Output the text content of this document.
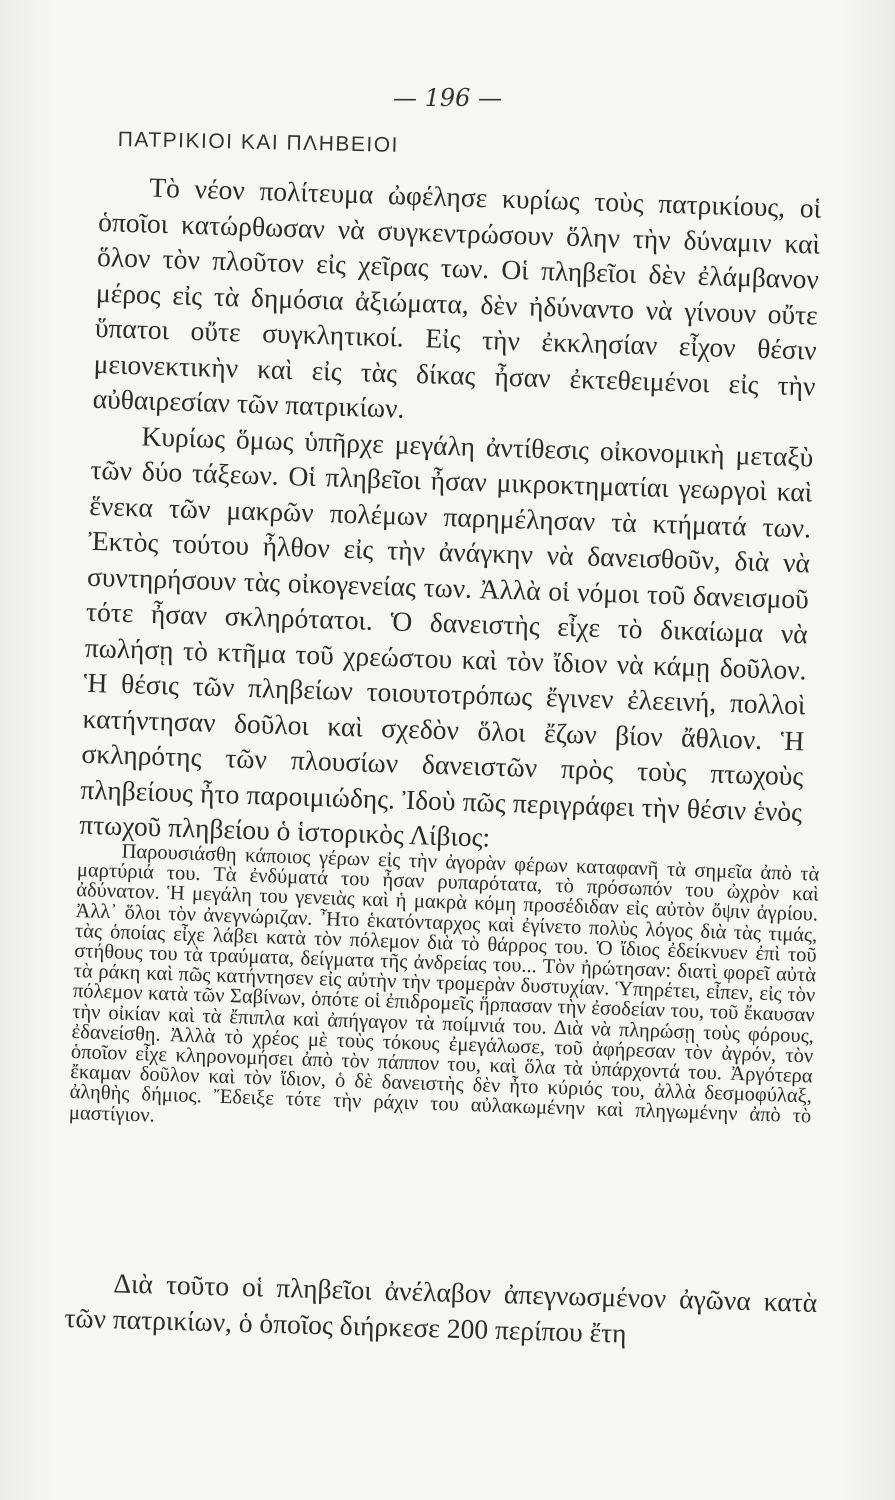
— 196 —
ΠΑΤΡΙΚΙΟΙ ΚΑΙ ΠΛΗΒΕΙΟΙ

Τὸ νέον πολίτευμα ὠφέλησε κυρίως τοὺς πατρικίους, οἱ ὁποῖοι κατώρθωσαν νὰ συγκεντρώσουν ὅλην τὴν δύναμιν καὶ ὅλον τὸν πλοῦτον εἰς χεῖρας των. Οἱ πληβεῖοι δὲν ἐλάμβανον μέρος εἰς τὰ δημόσια ἀξιώματα, δὲν ἠδύναντο νὰ γίνουν οὔτε ὕπατοι οὔτε συγκλητικοί. Εἰς τὴν ἐκκλησίαν εἶχον θέσιν μειονεκτικὴν καὶ εἰς τὰς δίκας ἦσαν ἐκτεθειμένοι εἰς τὴν αὐθαιρεσίαν τῶν πατρικίων.

Κυρίως ὅμως ὑπῆρχε μεγάλη ἀντίθεσις οἰκονομικὴ μεταξὺ τῶν δύο τάξεων. Οἱ πληβεῖοι ἦσαν μικροκτηματίαι γεωργοὶ καὶ ἕνεκα τῶν μακρῶν πολέμων παρημέλησαν τὰ κτήματά των. Ἐκτὸς τούτου ἦλθον εἰς τὴν ἀνάγκην νὰ δανεισθοῦν, διὰ νὰ συντηρήσουν τὰς οἰκογενείας των. Ἀλλὰ οἱ νόμοι τοῦ δανεισμοῦ τότε ἦσαν σκληρότατοι. Ὁ δανειστὴς εἶχε τὸ δικαίωμα νὰ πωλήσῃ τὸ κτῆμα τοῦ χρεώστου καὶ τὸν ἴδιον νὰ κάμῃ δοῦλον. Ἡ θέσις τῶν πληβείων τοιουτοτρόπως ἔγινεν ἐλεεινή, πολλοὶ κατήντησαν δοῦλοι καὶ σχεδὸν ὅλοι ἔζων βίον ἄθλιον. Ἡ σκληρότης τῶν πλουσίων δανειστῶν πρὸς τοὺς πτωχοὺς πληβείους ἦτο παροιμιώδης. Ἰδοὺ πῶς περιγράφει τὴν θέσιν ἑνὸς πτωχοῦ πληβείου ὁ ἱστορικὸς Λίβιος:

Παρουσιάσθη κάποιος γέρων εἰς τὴν ἀγορὰν φέρων καταφανῆ τὰ σημεῖα ἀπὸ τὰ μαρτύριά του. Τὰ ἐνδύματά του ἦσαν ρυπαρότατα, τὸ πρόσωπόν του ὠχρὸν καὶ ἀδύνατον. Ἡ μεγάλη του γενειὰς καὶ ἡ μακρὰ κόμη προσέδιδαν εἰς αὐτὸν ὄψιν ἀγρίου. Ἀλλ᾽ ὅλοι τὸν ἀνεγνώριζαν. Ἦτο ἑκατόνταρχος καὶ ἐγίνετο πολὺς λόγος διὰ τὰς τιμάς, τὰς ὁποίας εἶχε λάβει κατὰ τὸν πόλεμον διὰ τὸ θάρρος του. Ὁ ἴδιος ἐδείκνυεν ἐπὶ τοῦ στήθους του τὰ τραύματα, δείγματα τῆς ἀνδρείας του... Τὸν ἠρώτησαν: διατὶ φορεῖ αὐτὰ τὰ ράκη καὶ πῶς κατήντησεν εἰς αὐτὴν τὴν τρομερὰν δυστυχίαν. Ὑπηρέτει, εἶπεν, εἰς τὸν πόλεμον κατὰ τῶν Σαβίνων, ὁπότε οἱ ἐπιδρομεῖς ἥρπασαν τὴν ἐσοδείαν του, τοῦ ἔκαυσαν τὴν οἰκίαν καὶ τὰ ἔπιπλα καὶ ἀπήγαγον τὰ ποίμνιά του. Διὰ νὰ πληρώσῃ τοὺς φόρους, ἐδανείσθη. Ἀλλὰ τὸ χρέος μὲ τοὺς τόκους ἐμεγάλωσε, τοῦ ἀφήρεσαν τὸν ἀγρόν, τὸν ὁποῖον εἶχε κληρονομήσει ἀπὸ τὸν πάππον του, καὶ ὅλα τὰ ὑπάρχοντά του. Ἀργότερα ἔκαμαν δοῦλον καὶ τὸν ἴδιον, ὁ δὲ δανειστὴς δὲν ἦτο κύριός του, ἀλλὰ δεσμοφύλαξ, ἀληθὴς δήμιος. Ἔδειξε τότε τὴν ράχιν του αὐλακωμένην καὶ πληγωμένην ἀπὸ τὸ μαστίγιον.

Διὰ τοῦτο οἱ πληβεῖοι ἀνέλαβον ἀπεγνωσμένον ἀγῶνα κατὰ τῶν πατρικίων, ὁ ὁποῖος διήρκεσε 200 περίπου ἔτη
